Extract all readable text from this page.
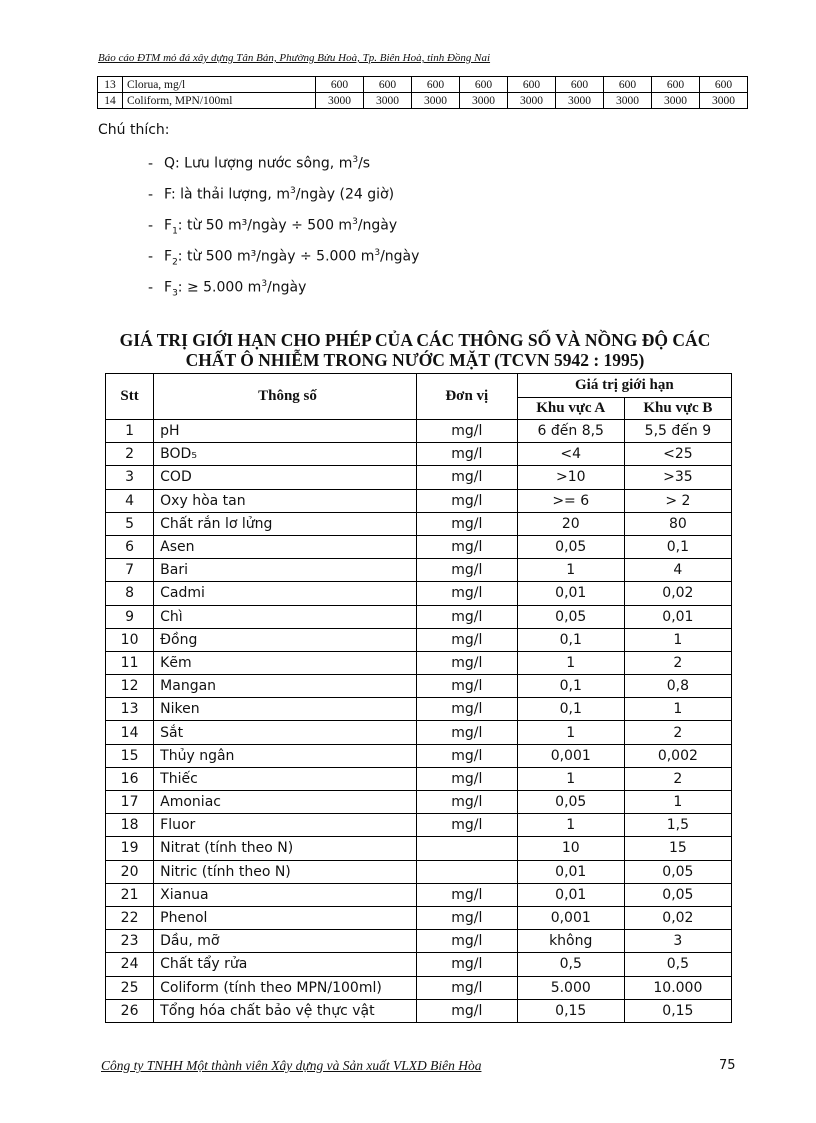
Báo cáo ĐTM mỏ đá xây dựng Tân Bản, Phường Bửu Hoà, Tp. Biên Hoà, tỉnh Đồng Nai
13	Clorua, mg/l	600	600	600	600	600	600	600	600	600
14	Coliform, MPN/100ml	3000	3000	3000	3000	3000	3000	3000	3000	3000
Chú thích:
- Q: Lưu lượng nước sông, $m^3/s$
- F: là thải lượng, $m^3$/ngày (24 giờ)
- $F_1$: từ 50 m³/ngày ÷ 500 $m^3$/ngày
- $F_2$: từ 500 m³/ngày ÷ 5.000 $m^3$/ngày
- $F_3$: ≥ 5.000 $m^3$/ngày
GIÁ TRỊ GIỚI HẠN CHO PHÉP CỦA CÁC THÔNG SỐ VÀ NỒNG ĐỘ CÁC
CHẤT Ô NHIỄM TRONG NƯỚC MẶT (TCVN 5942 : 1995)
Stt	Thông số	Đơn vị	Giá trị giới hạn	
			Khu vực A	Khu vực B
1	pH	mg/l	6 đến 8,5	5,5 đến 9
2	BOD₅	mg/l	<4	<25
3	COD	mg/l	>10	>35
4	Oxy hòa tan	mg/l	>= 6	> 2
5	Chất rắn lơ lửng	mg/l	20	80
6	Asen	mg/l	0,05	0,1
7	Bari	mg/l	1	4
8	Cadmi	mg/l	0,01	0,02
9	Chì	mg/l	0,05	0,01
10	Đồng	mg/l	0,1	1
11	Kẽm	mg/l	1	2
12	Mangan	mg/l	0,1	0,8
13	Niken	mg/l	0,1	1
14	Sắt	mg/l	1	2
15	Thủy ngân	mg/l	0,001	0,002
16	Thiếc	mg/l	1	2
17	Amoniac	mg/l	0,05	1
18	Fluor	mg/l	1	1,5
19	Nitrat (tính theo N)		10	15
20	Nitric (tính theo N)		0,01	0,05
21	Xianua	mg/l	0,01	0,05
22	Phenol	mg/l	0,001	0,02
23	Dầu, mỡ	mg/l	không	3
24	Chất tẩy rửa	mg/l	0,5	0,5
25	Coliform (tính theo MPN/100ml)	mg/l	5.000	10.000
26	Tổng hóa chất bảo vệ thực vật	mg/l	0,15	0,15
Công ty TNHH Một thành viên Xây dựng và Sản xuất VLXD Biên Hòa	75
